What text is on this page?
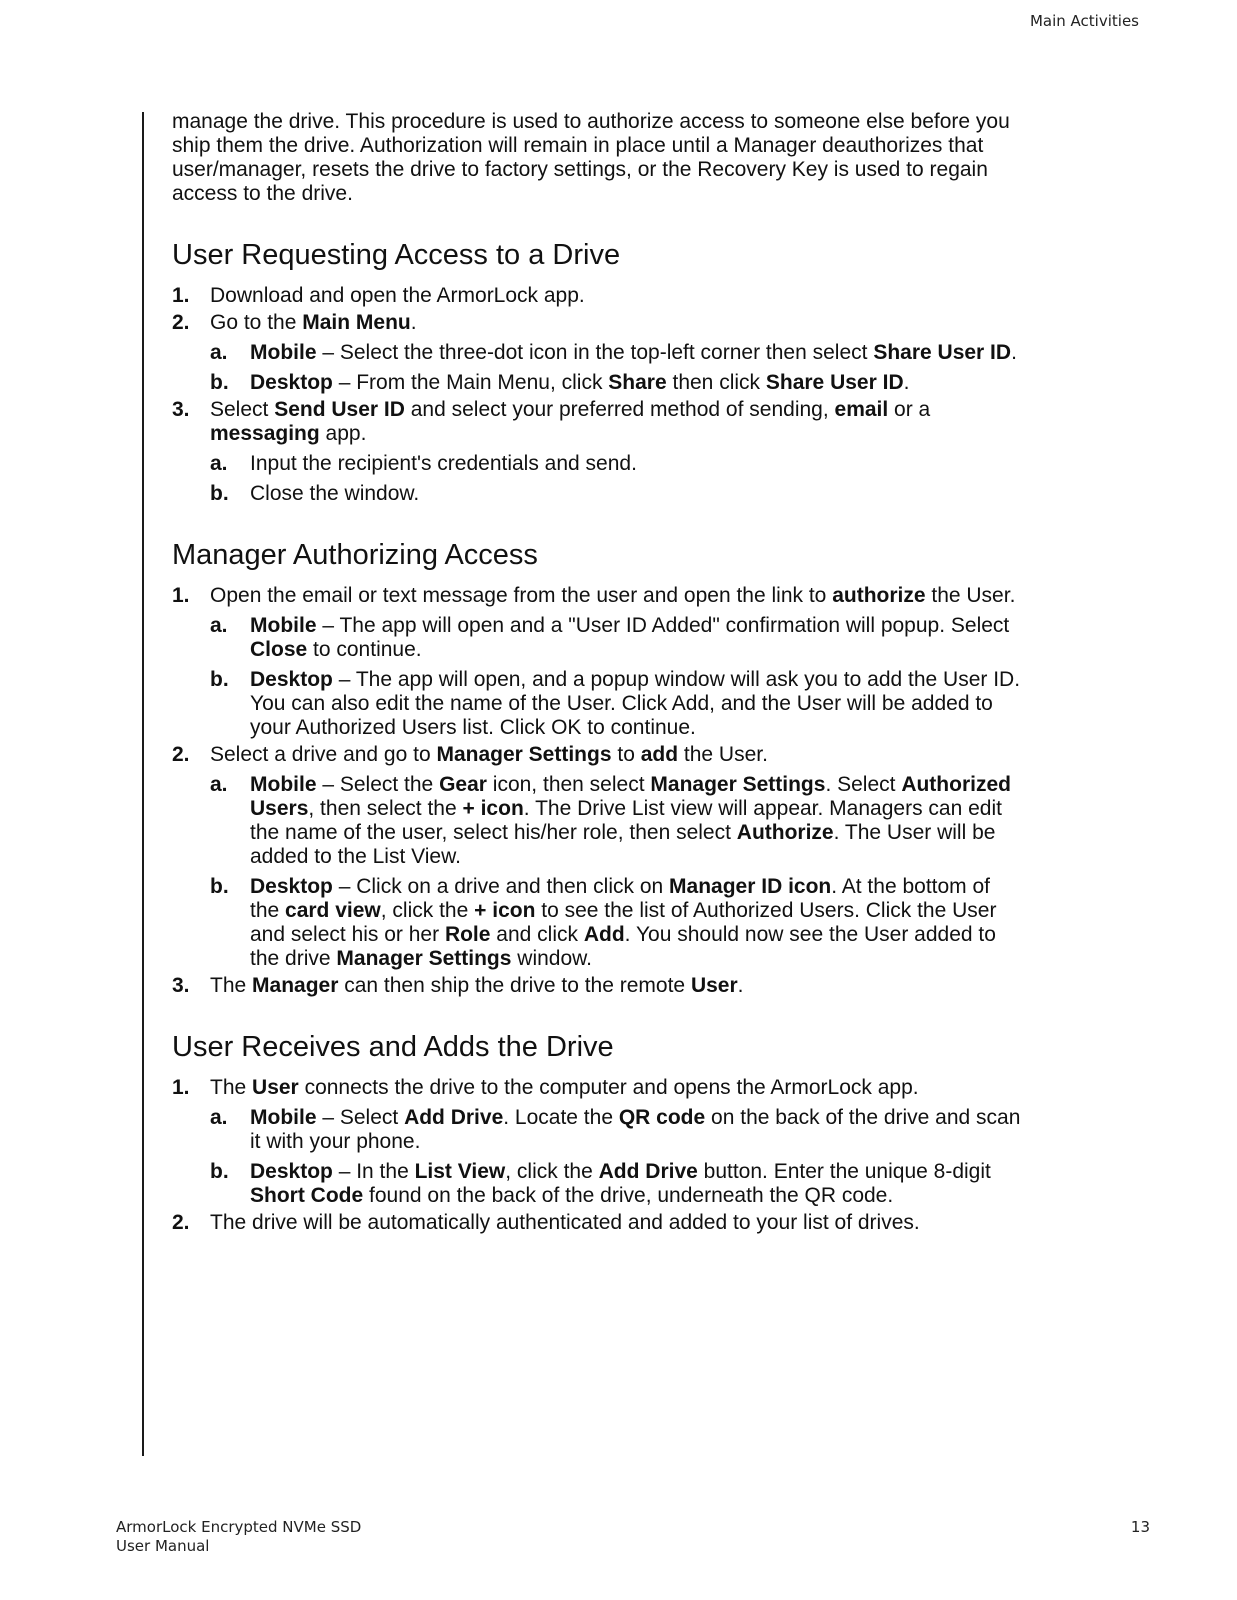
Main Activities

manage the drive. This procedure is used to authorize access to someone else before you ship them the drive. Authorization will remain in place until a Manager deauthorizes that user/manager, resets the drive to factory settings, or the Recovery Key is used to regain access to the drive.

User Requesting Access to a Drive
1. Download and open the ArmorLock app.
2. Go to the Main Menu.
a. Mobile – Select the three-dot icon in the top-left corner then select Share User ID.
b. Desktop – From the Main Menu, click Share then click Share User ID.
3. Select Send User ID and select your preferred method of sending, email or a messaging app.
a. Input the recipient's credentials and send.
b. Close the window.
Manager Authorizing Access
1. Open the email or text message from the user and open the link to authorize the User.
a. Mobile – The app will open and a "User ID Added" confirmation will popup. Select Close to continue.
b. Desktop – The app will open, and a popup window will ask you to add the User ID. You can also edit the name of the User. Click Add, and the User will be added to your Authorized Users list. Click OK to continue.
2. Select a drive and go to Manager Settings to add the User.
a. Mobile – Select the Gear icon, then select Manager Settings. Select Authorized Users, then select the + icon. The Drive List view will appear. Managers can edit the name of the user, select his/her role, then select Authorize. The User will be added to the List View.
b. Desktop – Click on a drive and then click on Manager ID icon. At the bottom of the card view, click the + icon to see the list of Authorized Users. Click the User and select his or her Role and click Add. You should now see the User added to the drive Manager Settings window.
3. The Manager can then ship the drive to the remote User.
User Receives and Adds the Drive
1. The User connects the drive to the computer and opens the ArmorLock app.
a. Mobile – Select Add Drive. Locate the QR code on the back of the drive and scan it with your phone.
b. Desktop – In the List View, click the Add Drive button. Enter the unique 8-digit Short Code found on the back of the drive, underneath the QR code.
2. The drive will be automatically authenticated and added to your list of drives.
ArmorLock Encrypted NVMe SSD
User Manual
13
